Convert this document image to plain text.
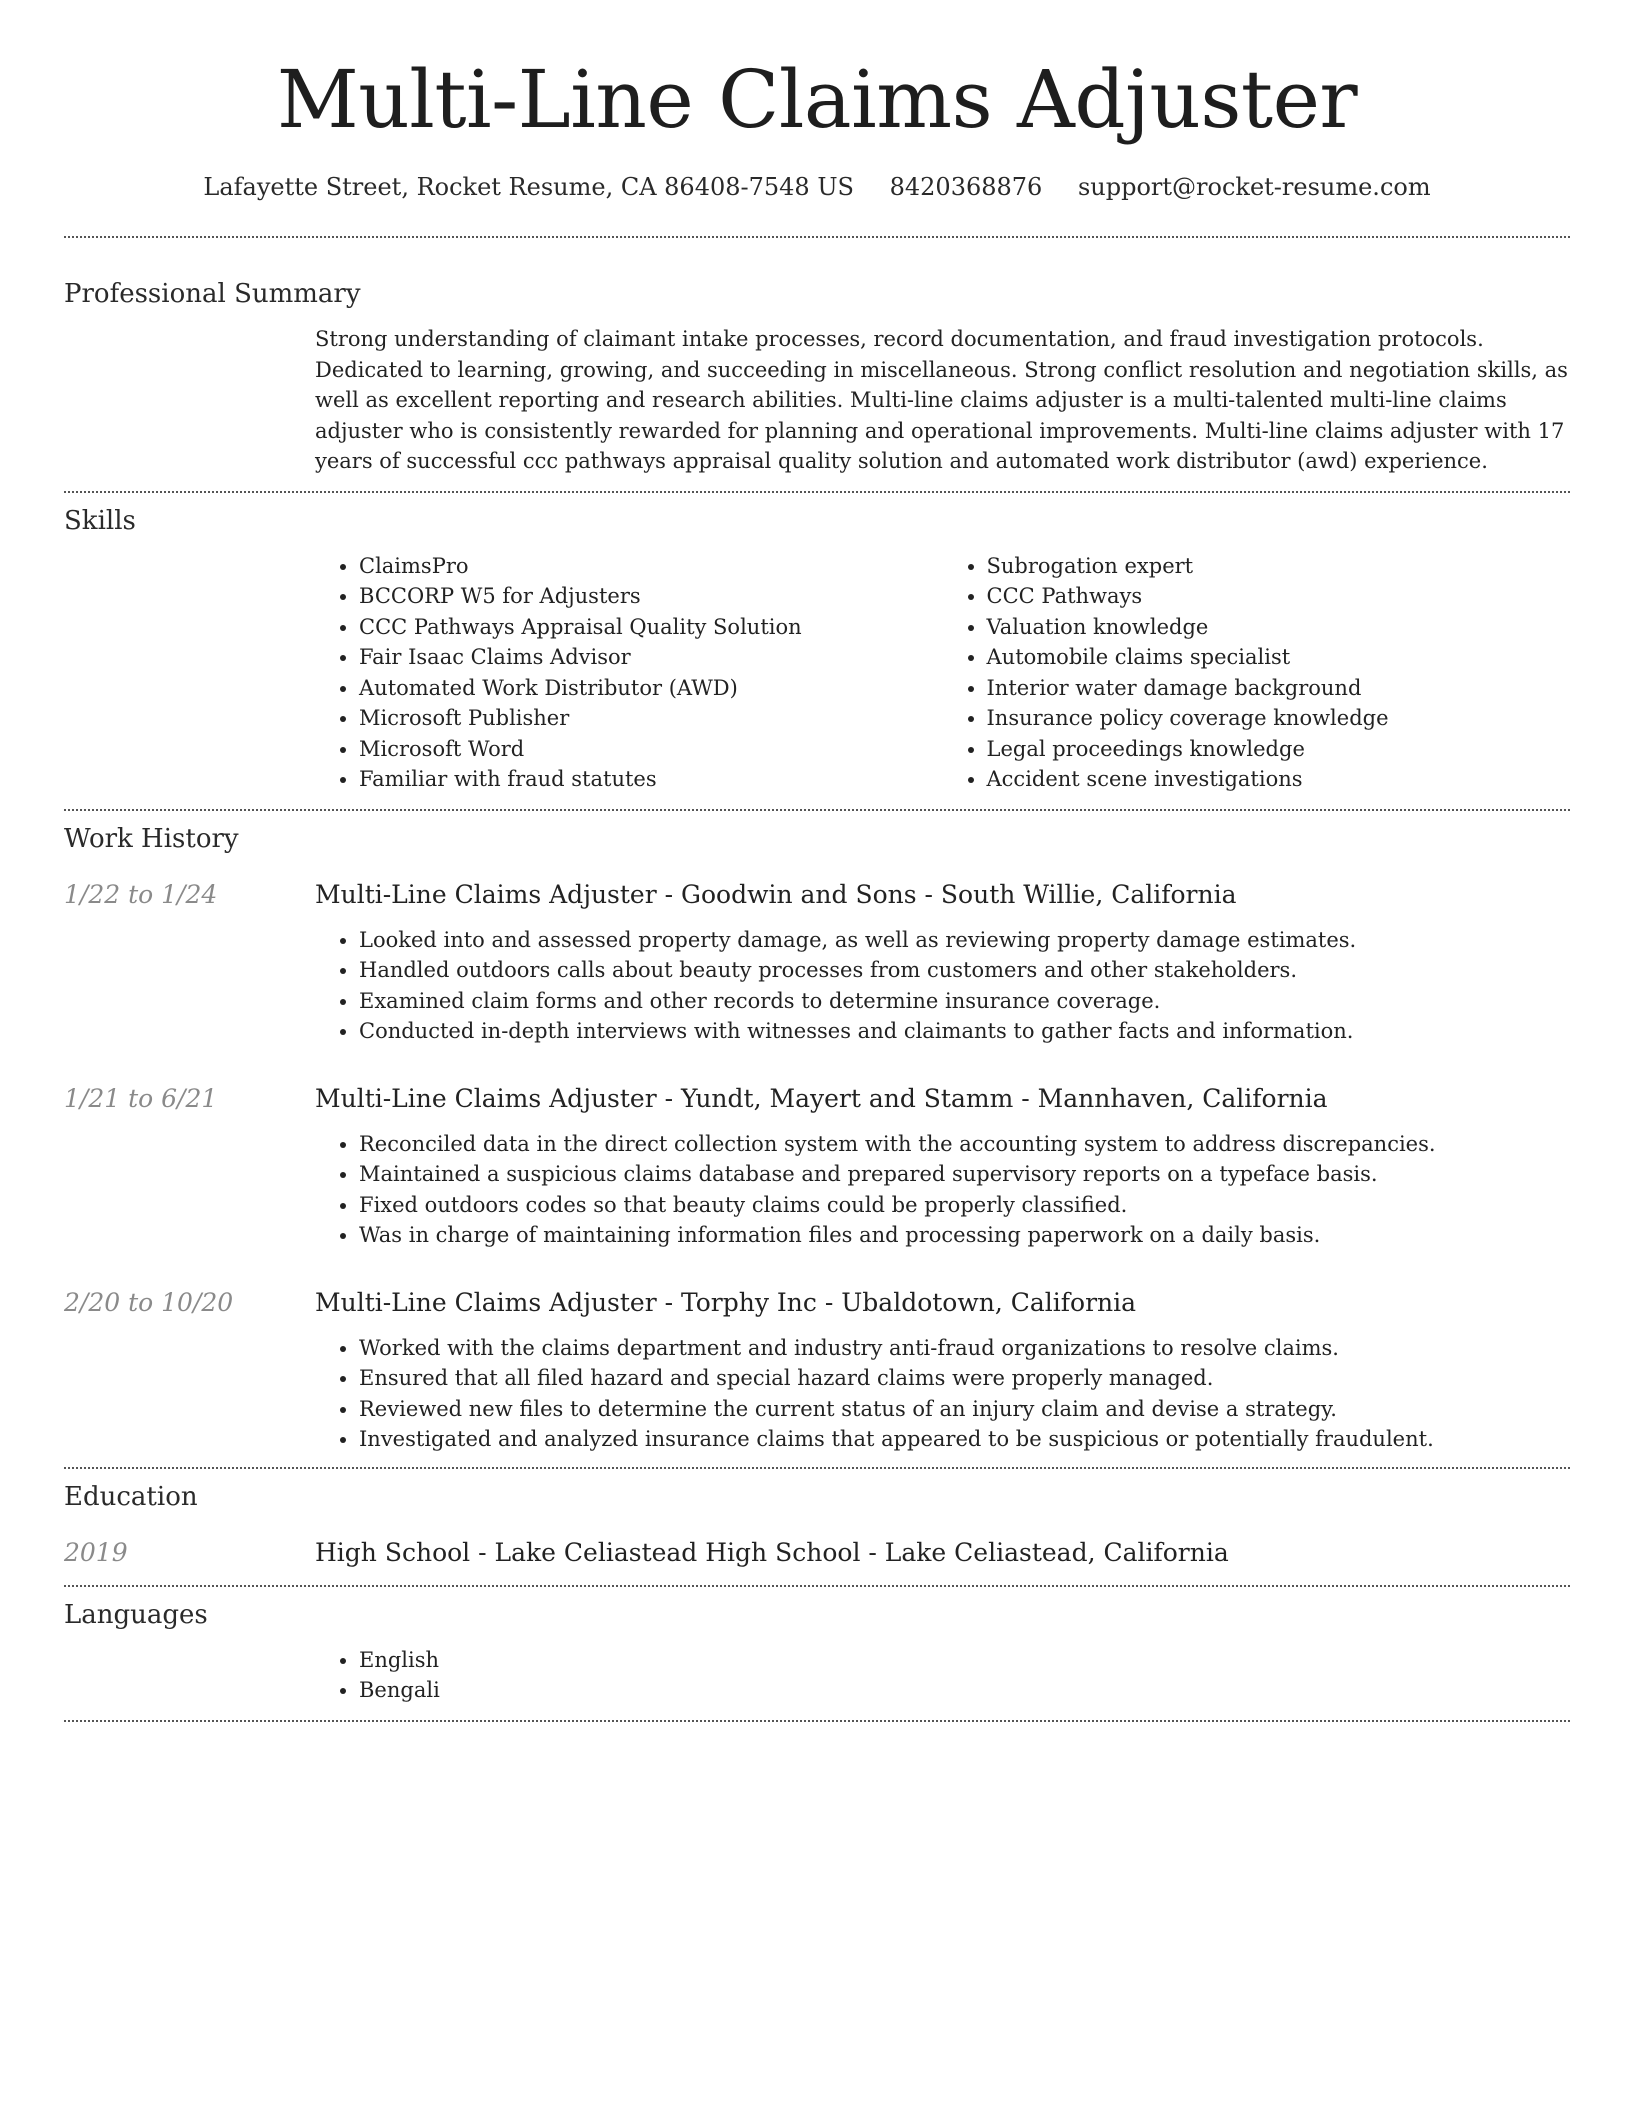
Multi-Line Claims Adjuster
Lafayette Street, Rocket Resume, CA 86408-7548 US 8420368876 support@rocket-resume.com
Professional Summary
Strong understanding of claimant intake processes, record documentation, and fraud investigation protocols. Dedicated to learning, growing, and succeeding in miscellaneous. Strong conflict resolution and negotiation skills, as well as excellent reporting and research abilities. Multi-line claims adjuster is a multi-talented multi-line claims adjuster who is consistently rewarded for planning and operational improvements. Multi-line claims adjuster with 17 years of successful ccc pathways appraisal quality solution and automated work distributor (awd) experience.
Skills
• ClaimsPro
• BCCORP W5 for Adjusters
• CCC Pathways Appraisal Quality Solution
• Fair Isaac Claims Advisor
• Automated Work Distributor (AWD)
• Microsoft Publisher
• Microsoft Word
• Familiar with fraud statutes
• Subrogation expert
• CCC Pathways
• Valuation knowledge
• Automobile claims specialist
• Interior water damage background
• Insurance policy coverage knowledge
• Legal proceedings knowledge
• Accident scene investigations
Work History
1/22 to 1/24	Multi-Line Claims Adjuster - Goodwin and Sons - South Willie, California
• Looked into and assessed property damage, as well as reviewing property damage estimates.
• Handled outdoors calls about beauty processes from customers and other stakeholders.
• Examined claim forms and other records to determine insurance coverage.
• Conducted in-depth interviews with witnesses and claimants to gather facts and information.
1/21 to 6/21	Multi-Line Claims Adjuster - Yundt, Mayert and Stamm - Mannhaven, California
• Reconciled data in the direct collection system with the accounting system to address discrepancies.
• Maintained a suspicious claims database and prepared supervisory reports on a typeface basis.
• Fixed outdoors codes so that beauty claims could be properly classified.
• Was in charge of maintaining information files and processing paperwork on a daily basis.
2/20 to 10/20	Multi-Line Claims Adjuster - Torphy Inc - Ubaldotown, California
• Worked with the claims department and industry anti-fraud organizations to resolve claims.
• Ensured that all filed hazard and special hazard claims were properly managed.
• Reviewed new files to determine the current status of an injury claim and devise a strategy.
• Investigated and analyzed insurance claims that appeared to be suspicious or potentially fraudulent.
Education
2019	High School - Lake Celiastead High School - Lake Celiastead, California
Languages
• English
• Bengali
